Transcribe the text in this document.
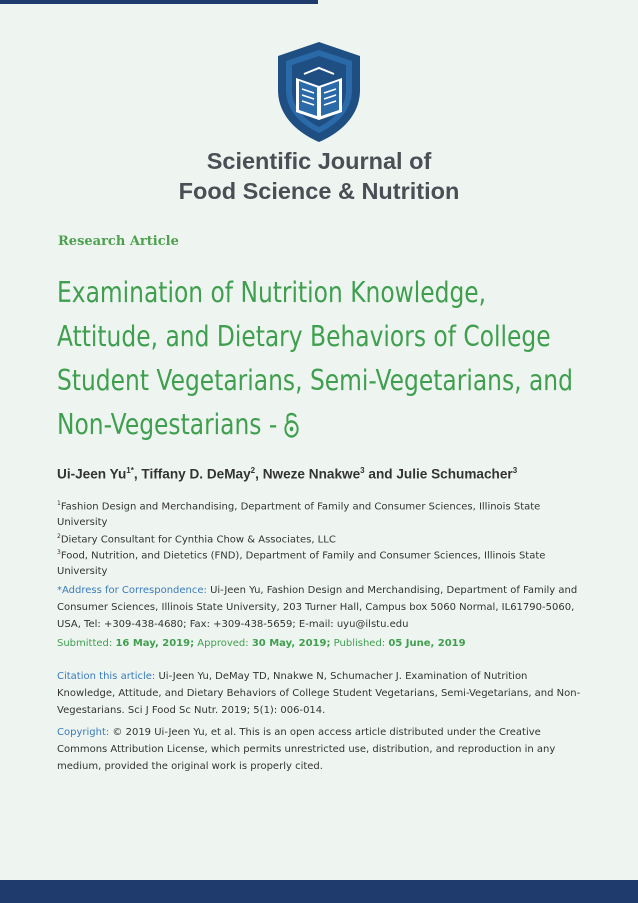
Scientific Journal of
Food Science & Nutrition
Research Article
Examination of Nutrition Knowledge,
Attitude, and Dietary Behaviors of College
Student Vegetarians, Semi-Vegetarians, and
Non-Vegestarians -
Ui-Jeen $Yu^{1*}$, Tiffany D. DeMay$^2$, Nweze Nnakwe$^3$ and Julie Schumacher$^3$
$^1$Fashion Design and Merchandising, Department of Family and Consumer Sciences, Illinois State University
$^2$Dietary Consultant for Cynthia Chow & Associates, LLC
$^3$Food, Nutrition, and Dietetics (FND), Department of Family and Consumer Sciences, Illinois State University
*Address for Correspondence: Ui-Jeen Yu, Fashion Design and Merchandising, Department of Family and Consumer Sciences, Illinois State University, 203 Turner Hall, Campus box 5060 Normal, IL61790-5060, USA, Tel: +309-438-4680; Fax: +309-438-5659; E-mail: uyu@ilstu.edu
Submitted: 16 May, 2019; Approved: 30 May, 2019; Published: 05 June, 2019
Citation this article: Ui-Jeen Yu, DeMay TD, Nnakwe N, Schumacher J. Examination of Nutrition Knowledge, Attitude, and Dietary Behaviors of College Student Vegetarians, Semi-Vegetarians, and Non-Vegestarians. Sci J Food Sc Nutr. 2019; 5(1): 006-014.
Copyright: © 2019 Ui-Jeen Yu, et al. This is an open access article distributed under the Creative Commons Attribution License, which permits unrestricted use, distribution, and reproduction in any medium, provided the original work is properly cited.
